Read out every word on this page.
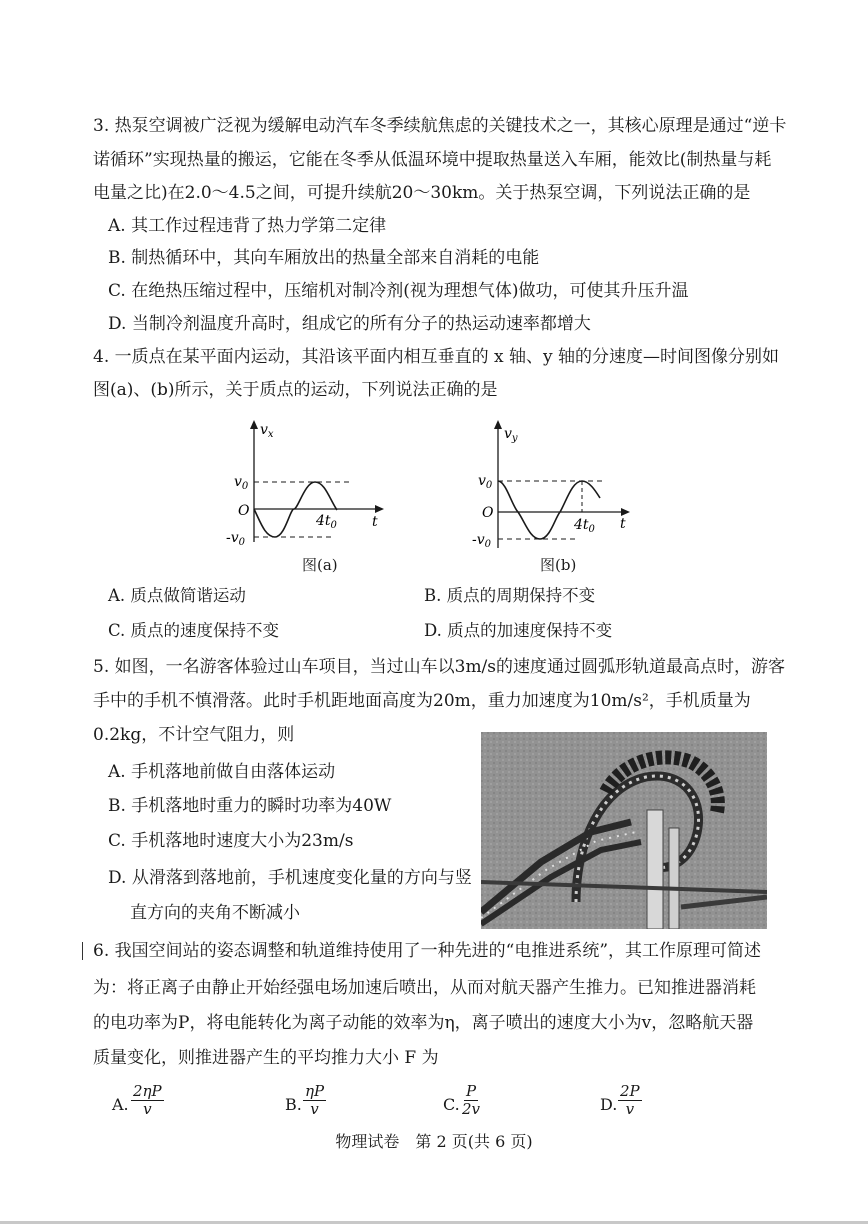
3. 热泵空调被广泛视为缓解电动汽车冬季续航焦虑的关键技术之一，其核心原理是通过“逆卡
诺循环”实现热量的搬运，它能在冬季从低温环境中提取热量送入车厢，能效比(制热量与耗
电量之比)在2.0～4.5之间，可提升续航20～30km。关于热泵空调，下列说法正确的是
A. 其工作过程违背了热力学第二定律
B. 制热循环中，其向车厢放出的热量全部来自消耗的电能
C. 在绝热压缩过程中，压缩机对制冷剂(视为理想气体)做功，可使其升压升温
D. 当制冷剂温度升高时，组成它的所有分子的热运动速率都增大
4. 一质点在某平面内运动，其沿该平面内相互垂直的 x 轴、y 轴的分速度—时间图像分别如
图(a)、(b)所示，关于质点的运动，下列说法正确的是
$v_x$
$v_0$
O
$-v_0$
$4t_0$	t
图(a)
$v_y$
$v_0$
O
$-v_0$
$4t_0$ t
图(b)
A. 质点做简谐运动	B. 质点的周期保持不变
C. 质点的速度保持不变	D. 质点的加速度保持不变
5. 如图，一名游客体验过山车项目，当过山车以3m/s的速度通过圆弧形轨道最高点时，游客
手中的手机不慎滑落。此时手机距地面高度为20m，重力加速度为10m/s²，手机质量为
0.2kg，不计空气阻力，则
A. 手机落地前做自由落体运动
B. 手机落地时重力的瞬时功率为40W
C. 手机落地时速度大小为23m/s
D. 从滑落到落地前，手机速度变化量的方向与竖
直方向的夹角不断减小
6. 我国空间站的姿态调整和轨道维持使用了一种先进的“电推进系统”，其工作原理可简述
为：将正离子由静止开始经强电场加速后喷出，从而对航天器产生推力。已知推进器消耗
的电功率为P，将电能转化为离子动能的效率为η，离子喷出的速度大小为v，忽略航天器
质量变化，则推进器产生的平均推力大小 F 为
A. $\frac{2\eta P}{v}$	B. $\frac{\eta P}{v}$	C. $\frac{P}{2v}$	D. $\frac{2P}{v}$
物理试卷　第 2 页(共 6 页)
